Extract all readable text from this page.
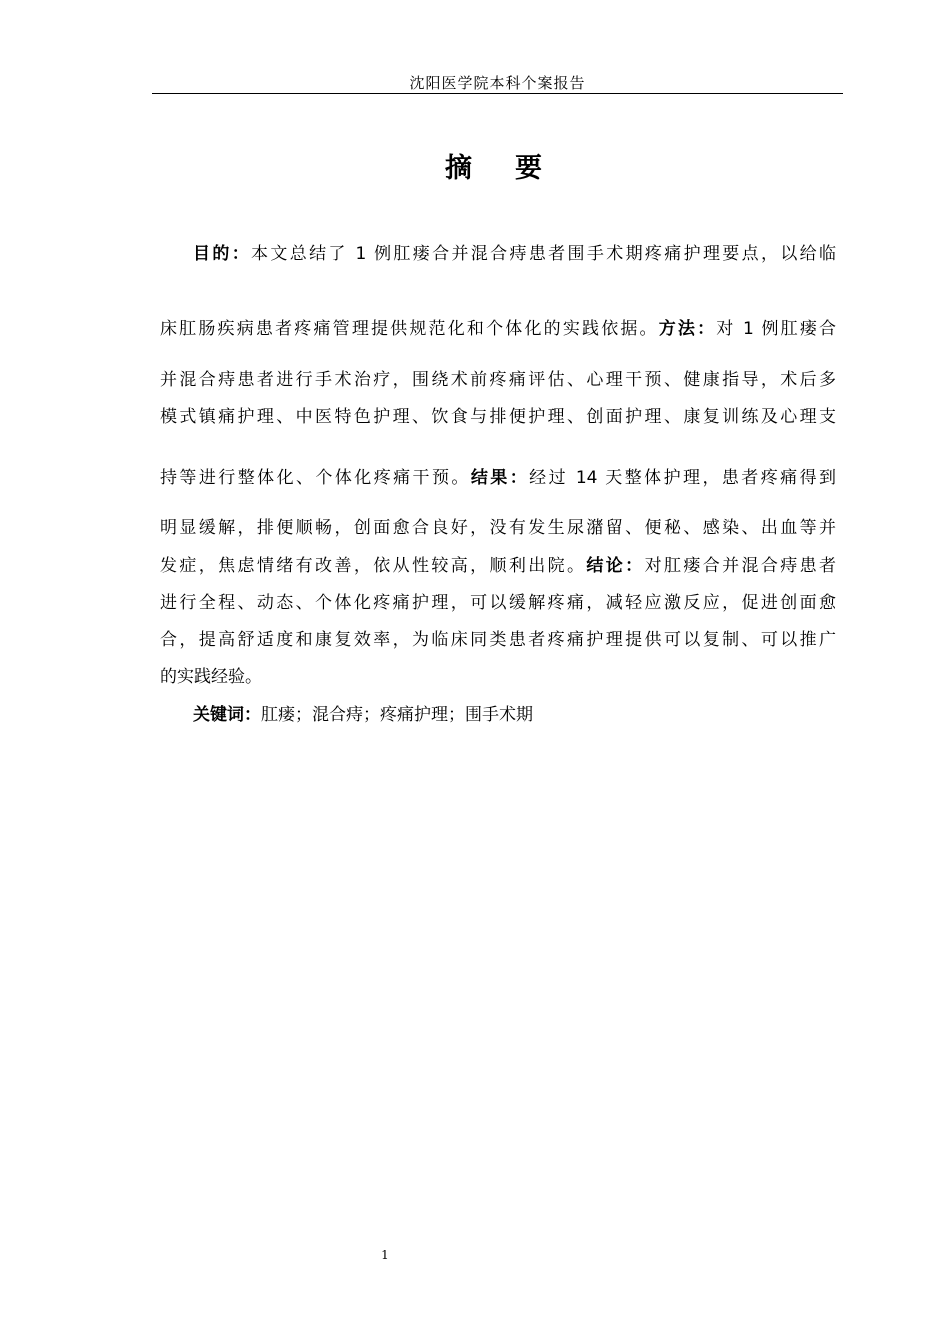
沈阳医学院本科个案报告
摘　要
目的：本文总结了 1 例肛瘘合并混合痔患者围手术期疼痛护理要点，以给临
床肛肠疾病患者疼痛管理提供规范化和个体化的实践依据。方法：对 1 例肛瘘合
并混合痔患者进行手术治疗，围绕术前疼痛评估、心理干预、健康指导，术后多
模式镇痛护理、中医特色护理、饮食与排便护理、创面护理、康复训练及心理支
持等进行整体化、个体化疼痛干预。结果：经过 14 天整体护理，患者疼痛得到
明显缓解，排便顺畅，创面愈合良好，没有发生尿潴留、便秘、感染、出血等并
发症，焦虑情绪有改善，依从性较高，顺利出院。结论：对肛瘘合并混合痔患者
进行全程、动态、个体化疼痛护理，可以缓解疼痛，减轻应激反应，促进创面愈
合，提高舒适度和康复效率，为临床同类患者疼痛护理提供可以复制、可以推广
的实践经验。
关键词：肛瘘；混合痔；疼痛护理；围手术期
1
